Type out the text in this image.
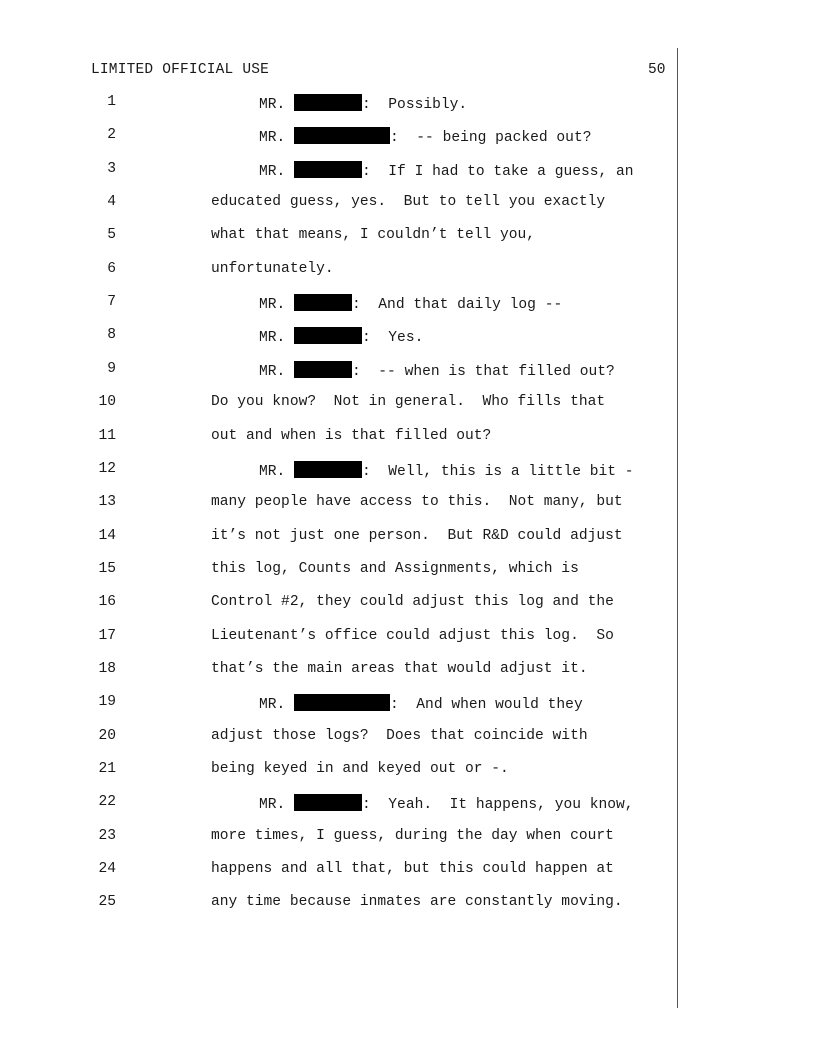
LIMITED OFFICIAL USE	50
1	MR.	:  Possibly.
2	MR.	:  -- being packed out?
3	MR.	:  If I had to take a guess, an
4	educated guess, yes.  But to tell you exactly
5	what that means, I couldn’t tell you,
6	unfortunately.
7	MR.	:  And that daily log --
8	MR.	:  Yes.
9	MR.	:  -- when is that filled out?
10	Do you know?  Not in general.  Who fills that
11	out and when is that filled out?
12	MR.	:  Well, this is a little bit -
13	many people have access to this.  Not many, but
14	it’s not just one person.  But R&D could adjust
15	this log, Counts and Assignments, which is
16	Control #2, they could adjust this log and the
17	Lieutenant’s office could adjust this log.  So
18	that’s the main areas that would adjust it.
19	MR.	:  And when would they
20	adjust those logs?  Does that coincide with
21	being keyed in and keyed out or -.
22	MR.	:  Yeah.  It happens, you know,
23	more times, I guess, during the day when court
24	happens and all that, but this could happen at
25	any time because inmates are constantly moving.
